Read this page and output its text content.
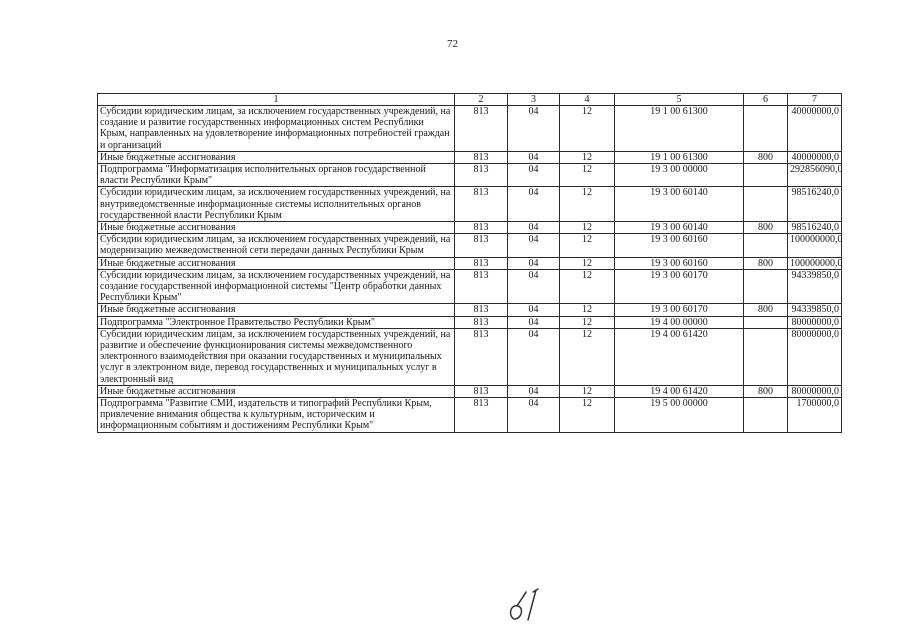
72
1	2	3	4	5	6	7
Субсидии юридическим лицам, за исключением государственных учреждений, на создание и развитие государственных информационных систем Республики Крым, направленных на удовлетворение информационных потребностей граждан и организаций	813	04	12	19 1 00 61300		40000000,0
Иные бюджетные ассигнования	813	04	12	19 1 00 61300	800	40000000,0
Подпрограмма "Информатизация исполнительных органов государственной власти Республики Крым"	813	04	12	19 3 00 00000		292856090,0
Субсидии юридическим лицам, за исключением государственных учреждений, на внутриведомственные информационные системы исполнительных органов государственной власти Республики Крым	813	04	12	19 3 00 60140		98516240,0
Иные бюджетные ассигнования	813	04	12	19 3 00 60140	800	98516240,0
Субсидии юридическим лицам, за исключением государственных учреждений, на модернизацию межведомственной сети передачи данных Республики Крым	813	04	12	19 3 00 60160		100000000,0
Иные бюджетные ассигнования	813	04	12	19 3 00 60160	800	100000000,0
Субсидии юридическим лицам, за исключением государственных учреждений, на создание государственной информационной системы "Центр обработки данных Республики Крым"	813	04	12	19 3 00 60170		94339850,0
Иные бюджетные ассигнования	813	04	12	19 3 00 60170	800	94339850,0
Подпрограмма "Электронное Правительство Республики Крым"	813	04	12	19 4 00 00000		80000000,0
Субсидии юридическим лицам, за исключением государственных учреждений, на развитие и обеспечение функционирования системы межведомственного электронного взаимодействия при оказании государственных и муниципальных услуг в электронном виде, перевод государственных и муниципальных услуг в электронный вид	813	04	12	19 4 00 61420		80000000,0
Иные бюджетные ассигнования	813	04	12	19 4 00 61420	800	80000000,0
Подпрограмма "Развитие СМИ, издательств и типографий Республики Крым, привлечение внимания общества к культурным, историческим и информационным событиям и достижениям Республики Крым"	813	04	12	19 5 00 00000		1700000,0
